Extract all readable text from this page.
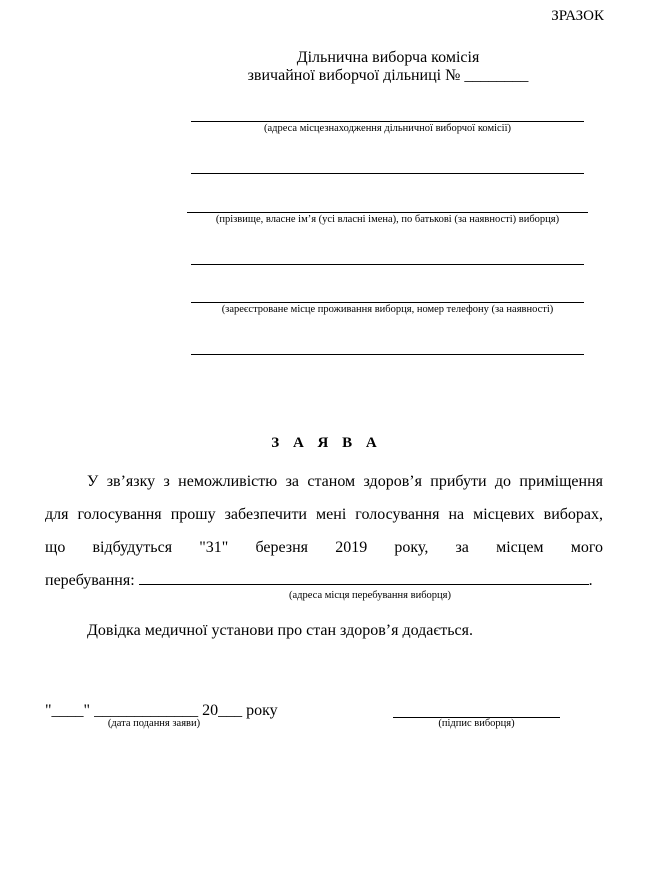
ЗРАЗОК
Дільнична виборча комісія
звичайної виборчої дільниці № ________
(адреса місцезнаходження дільничної виборчої комісії)
(прізвище, власне ім’я (усі власні імена), по батькові (за наявності) виборця)
(зареєстроване місце проживання виборця, номер телефону (за наявності)
З А Я В А
У зв’язку з неможливістю за станом здоров’я прибути до приміщення
для голосування прошу забезпечити мені голосування на місцевих виборах,
що відбудуться "31" березня 2019 року, за місцем мого
перебування:	.
(адреса місця перебування виборця)
Довідка медичної установи про стан здоров’я додається.
"____" _____________ 20___ року
(дата подання заяви)	(підпис виборця)
